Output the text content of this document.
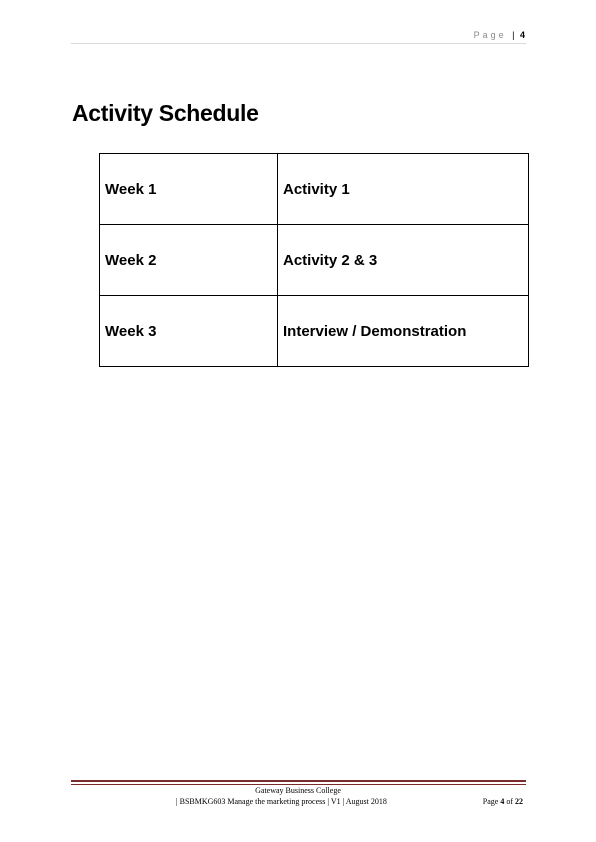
Page | 4
Activity Schedule
Week 1	Activity 1
Week 2	Activity 2 & 3
Week 3	Interview / Demonstration
Gateway Business College
| BSBMKG603 Manage the marketing process | V1 | August 2018	Page 4 of 22
